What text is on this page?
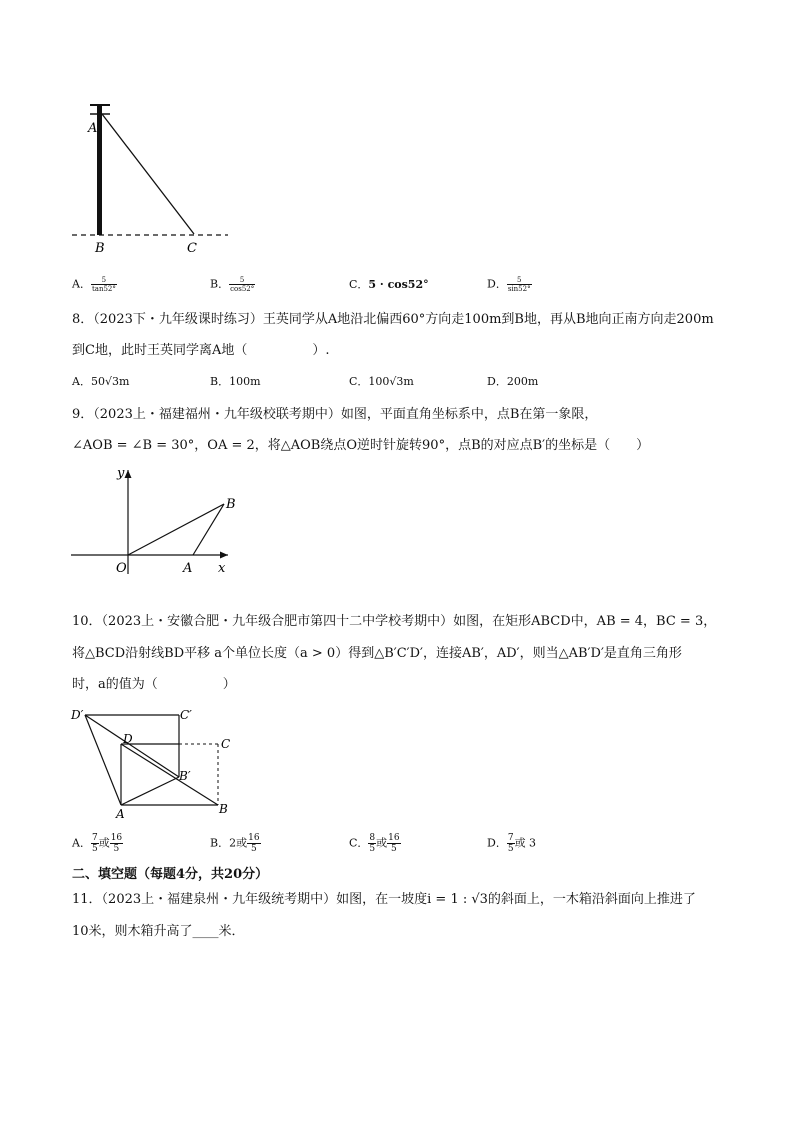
A
B	C
A． $\frac{5}{\tan 52^\circ}$	B． $\frac{5}{\cos 52^\circ}$	C．5 · cos52°	D． $\frac{5}{\sin 52^\circ}$
8．（2023下・九年级课时练习）王英同学从A地沿北偏西60°方向走100m到B地，再从B地向正南方向走200m
到C地，此时王英同学离A地（　　　　　）.
A．50√3m	B．100m	C．100√3m	D．200m
9．（2023上・福建福州・九年级校联考期中）如图，平面直角坐标系中，点B在第一象限，
∠AOB = ∠B = 30°，OA = 2，将△AOB绕点O逆时针旋转90°，点B的对应点B′的坐标是（　　）
y
x
O	A
B
10．（2023上・安徽合肥・九年级合肥市第四十二中学校考期中）如图，在矩形ABCD中，AB = 4，BC = 3，
将△BCD沿射线BD平移 a个单位长度（a > 0）得到△B′C′D′，连接AB′，AD′，则当△AB′D′是直角三角形
时，a的值为（　　　　　）
D′	C′
D	C
B′
A	B
A． $\frac{7}{5}$ 或 $\frac{16}{5}$	B．2或 $\frac{16}{5}$	C． $\frac{8}{5}$ 或 $\frac{16}{5}$	D． $\frac{7}{5}$ 或 3
二、填空题（每题4分，共20分）
11．（2023上・福建泉州・九年级统考期中）如图，在一坡度i = 1 : √3的斜面上，一木箱沿斜面向上推进了
10米，则木箱升高了____米．
